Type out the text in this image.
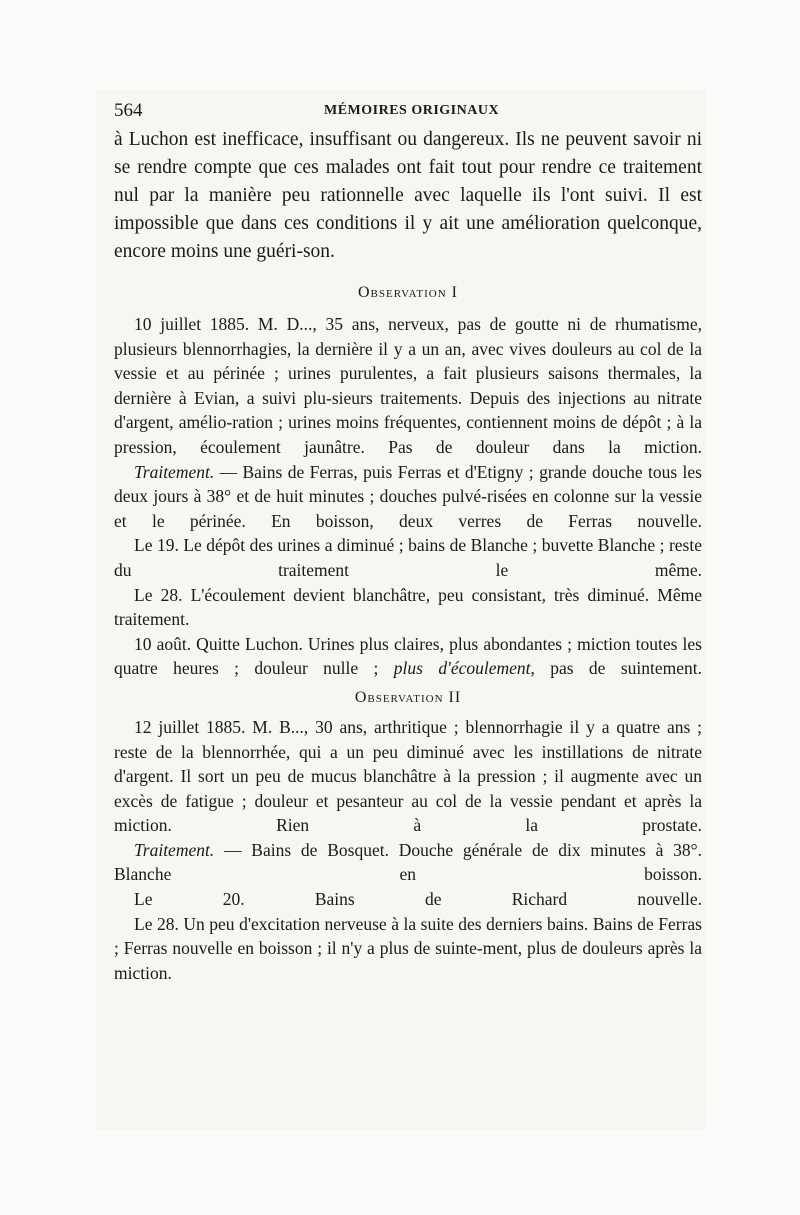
564	MÉMOIRES ORIGINAUX

à Luchon est inefficace, insuffisant ou dangereux. Ils ne peuvent savoir ni se rendre compte que ces malades ont fait tout pour rendre ce traitement nul par la manière peu rationnelle avec laquelle ils l'ont suivi. Il est impossible que dans ces conditions il y ait une amélioration quelconque, encore moins une guéri-son.

Observation I

10 juillet 1885. M. D..., 35 ans, nerveux, pas de goutte ni de rhumatisme, plusieurs blennorrhagies, la dernière il y a un an, avec vives douleurs au col de la vessie et au périnée ; urines purulentes, a fait plusieurs saisons thermales, la dernière à Evian, a suivi plu-sieurs traitements. Depuis des injections au nitrate d'argent, amélio-ration ; urines moins fréquentes, contiennent moins de dépôt ; à la pression, écoulement jaunâtre. Pas de douleur dans la miction.

Traitement. — Bains de Ferras, puis Ferras et d'Etigny ; grande douche tous les deux jours à 38° et de huit minutes ; douches pulvé-risées en colonne sur la vessie et le périnée. En boisson, deux verres de Ferras nouvelle.

Le 19. Le dépôt des urines a diminué ; bains de Blanche ; buvette Blanche ; reste du traitement le même.

Le 28. L'écoulement devient blanchâtre, peu consistant, très diminué. Même traitement.

10 août. Quitte Luchon. Urines plus claires, plus abondantes ; miction toutes les quatre heures ; douleur nulle ; plus d'écoulement, pas de suintement.

Observation II

12 juillet 1885. M. B..., 30 ans, arthritique ; blennorrhagie il y a quatre ans ; reste de la blennorrhée, qui a un peu diminué avec les instillations de nitrate d'argent. Il sort un peu de mucus blanchâtre à la pression ; il augmente avec un excès de fatigue ; douleur et pesanteur au col de la vessie pendant et après la miction. Rien à la prostate.

Traitement. — Bains de Bosquet. Douche générale de dix minutes à 38°. Blanche en boisson.

Le 20. Bains de Richard nouvelle.

Le 28. Un peu d'excitation nerveuse à la suite des derniers bains. Bains de Ferras ; Ferras nouvelle en boisson ; il n'y a plus de suinte-ment, plus de douleurs après la miction.
